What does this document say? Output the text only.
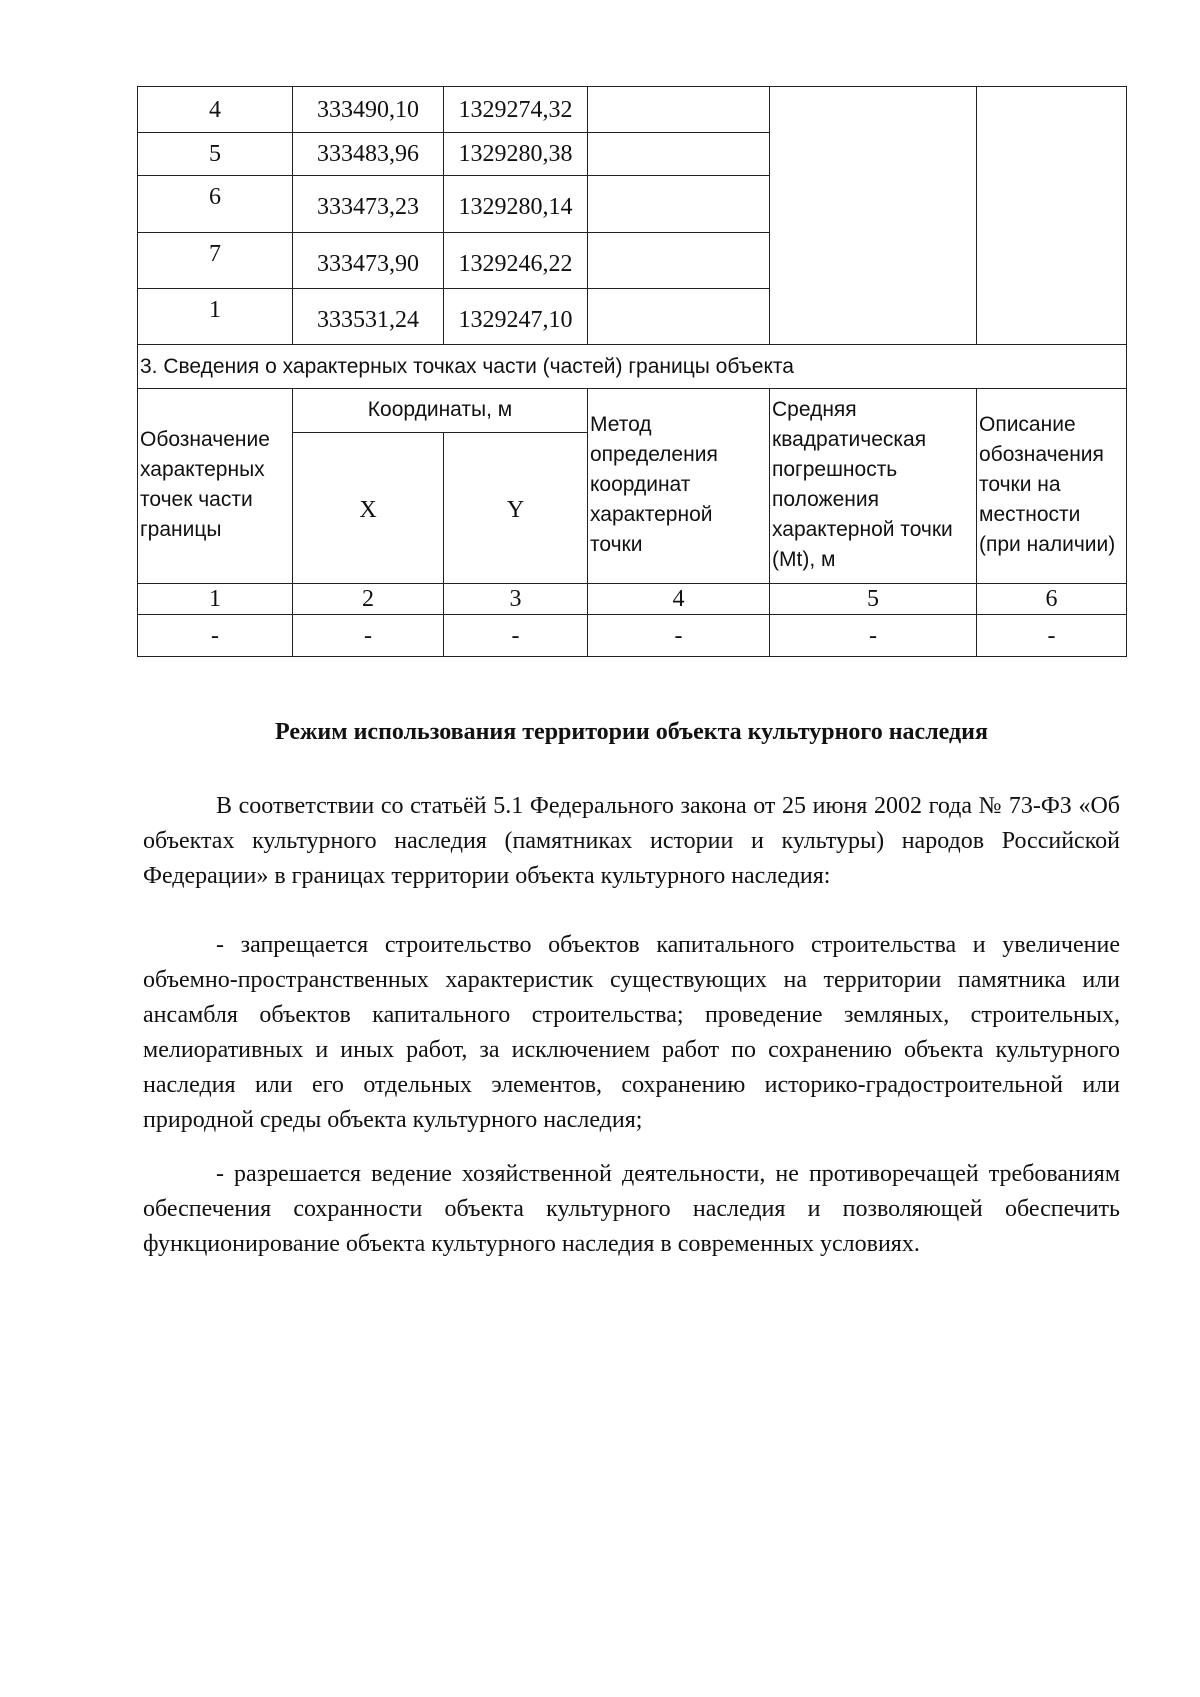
4	333490,10	1329274,32			
5	333483,96	1329280,38			
6	333473,23	1329280,14			
7	333473,90	1329246,22			
1	333531,24	1329247,10			
3. Сведения о характерных точках части (частей) границы объекта					
Обозначение характерных точек части границы	Координаты, м		Метод определения координат характерной точки	Средняя квадратическая погрешность положения характерной точки (Mt), м	Описание обозначения точки на местности (при наличии)
	X	Y			
1	2	3	4	5	6
-	-	-	-	-	-
Режим использования территории объекта культурного наследия

В соответствии со статьёй 5.1 Федерального закона от 25 июня 2002 года № 73-ФЗ «Об объектах культурного наследия (памятниках истории и культуры) народов Российской Федерации» в границах территории объекта культурного наследия:

- запрещается строительство объектов капитального строительства и увеличение объемно-пространственных характеристик существующих на территории памятника или ансамбля объектов капитального строительства; проведение земляных, строительных, мелиоративных и иных работ, за исключением работ по сохранению объекта культурного наследия или его отдельных элементов, сохранению историко-градостроительной или природной среды объекта культурного наследия;

- разрешается ведение хозяйственной деятельности, не противоречащей требованиям обеспечения сохранности объекта культурного наследия и позволяющей обеспечить функционирование объекта культурного наследия в современных условиях.
